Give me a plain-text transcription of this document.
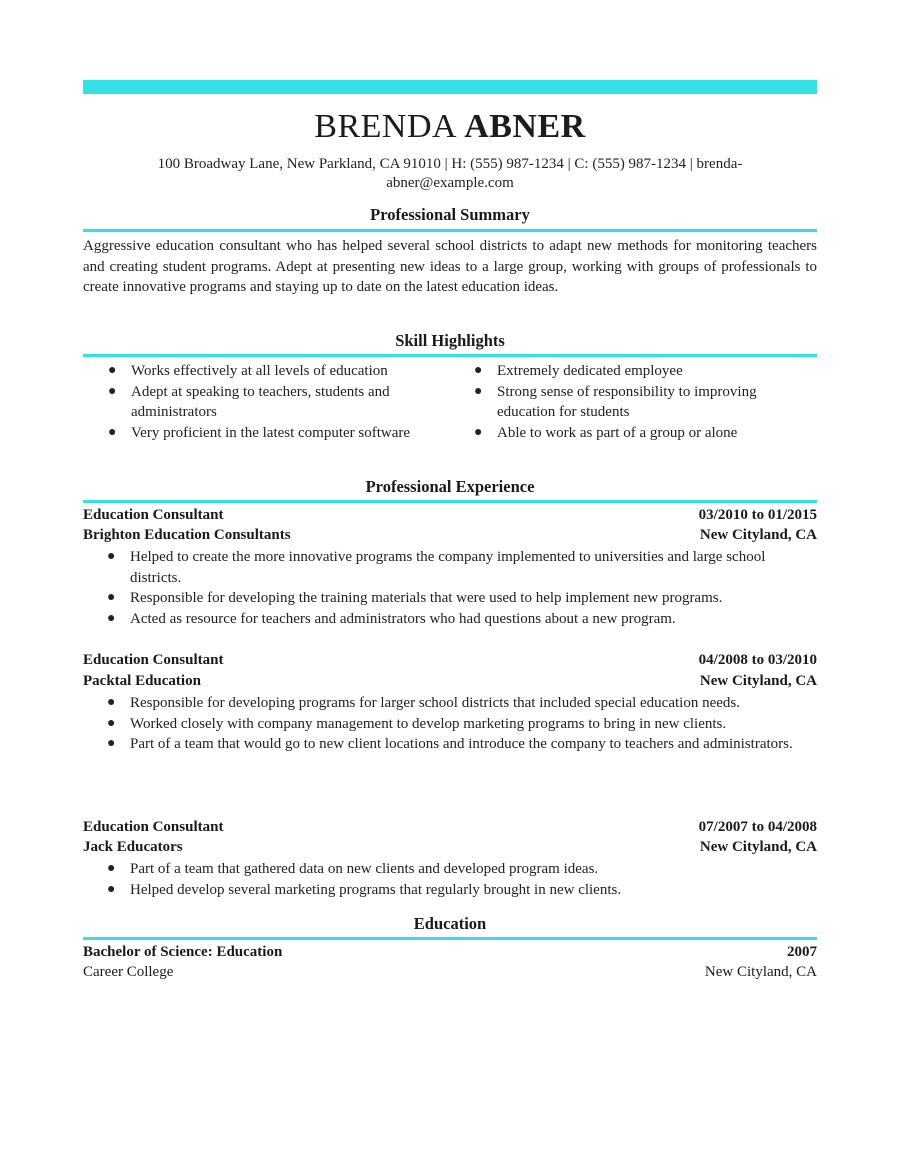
BRENDA ABNER
100 Broadway Lane, New Parkland, CA 91010 | H: (555) 987-1234 | C: (555) 987-1234 | brenda-
abner@example.com
Professional Summary
Aggressive education consultant who has helped several school districts to adapt new methods for monitoring teachers and creating student programs. Adept at presenting new ideas to a large group, working with groups of professionals to create innovative programs and staying up to date on the latest education ideas.
Skill Highlights
● Works effectively at all levels of education
● Adept at speaking to teachers, students and administrators
● Very proficient in the latest computer software
● Extremely dedicated employee
● Strong sense of responsibility to improving education for students
● Able to work as part of a group or alone
Professional Experience
Education Consultant	03/2010 to 01/2015
Brighton Education Consultants	New Cityland, CA
● Helped to create the more innovative programs the company implemented to universities and large school districts.
● Responsible for developing the training materials that were used to help implement new programs.
● Acted as resource for teachers and administrators who had questions about a new program.
Education Consultant	04/2008 to 03/2010
Packtal Education	New Cityland, CA
● Responsible for developing programs for larger school districts that included special education needs.
● Worked closely with company management to develop marketing programs to bring in new clients.
● Part of a team that would go to new client locations and introduce the company to teachers and administrators.
Education Consultant	07/2007 to 04/2008
Jack Educators	New Cityland, CA
● Part of a team that gathered data on new clients and developed program ideas.
● Helped develop several marketing programs that regularly brought in new clients.
Education
Bachelor of Science: Education	2007
Career College	New Cityland, CA
